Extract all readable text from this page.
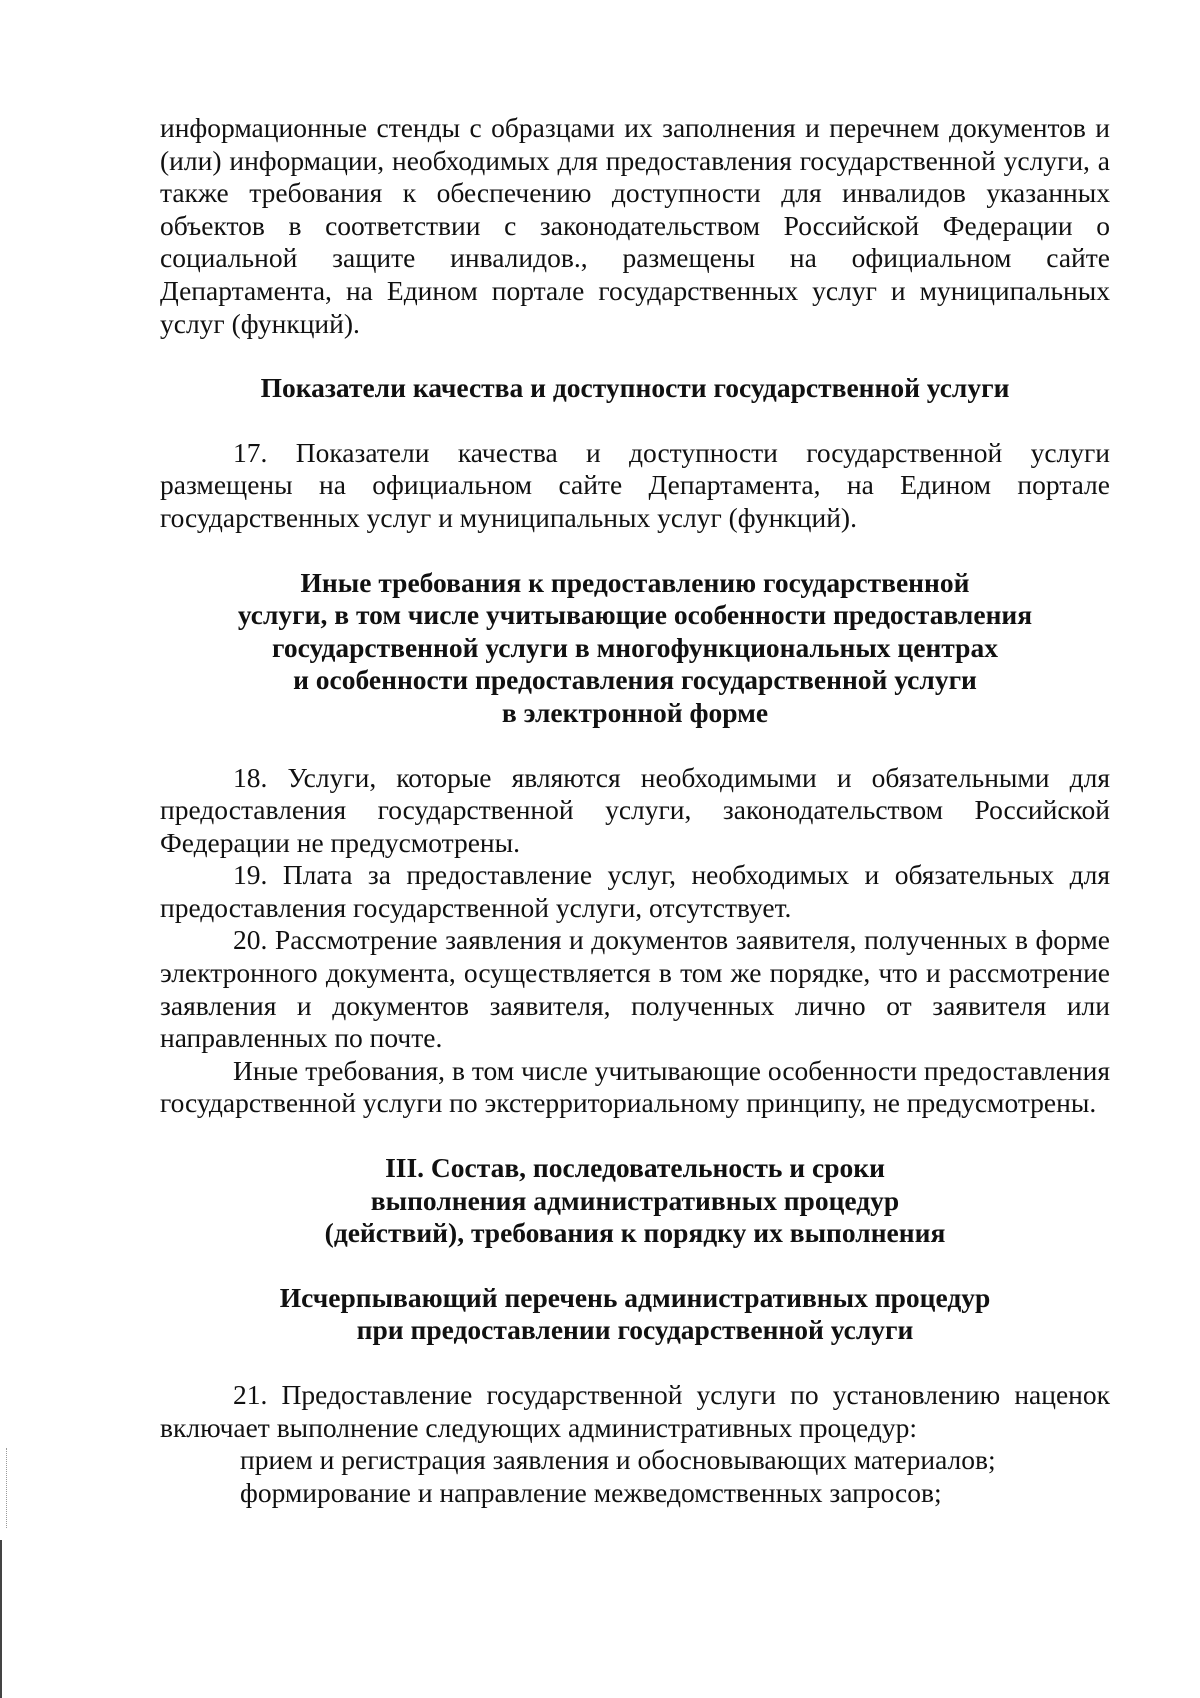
информационные стенды с образцами их заполнения и перечнем документов и (или) информации, необходимых для предоставления государственной услуги, а также требования к обеспечению доступности для инвалидов указанных объектов в соответствии с законодательством Российской Федерации о социальной защите инвалидов., размещены на официальном сайте Департамента, на Едином портале государственных услуг и муниципальных услуг (функций).

Показатели качества и доступности государственной услуги

17. Показатели качества и доступности государственной услуги размещены на официальном сайте Департамента, на Едином портале государственных услуг и муниципальных услуг (функций).

Иные требования к предоставлению государственной
услуги, в том числе учитывающие особенности предоставления
государственной услуги в многофункциональных центрах
и особенности предоставления государственной услуги
в электронной форме

18. Услуги, которые являются необходимыми и обязательными для предоставления государственной услуги, законодательством Российской Федерации не предусмотрены.

19. Плата за предоставление услуг, необходимых и обязательных для предоставления государственной услуги, отсутствует.

20. Рассмотрение заявления и документов заявителя, полученных в форме электронного документа, осуществляется в том же порядке, что и рассмотрение заявления и документов заявителя, полученных лично от заявителя или направленных по почте.

Иные требования, в том числе учитывающие особенности предоставления государственной услуги по экстерриториальному принципу, не предусмотрены.

III. Состав, последовательность и сроки
выполнения административных процедур
(действий), требования к порядку их выполнения
Исчерпывающий перечень административных процедур
при предоставлении государственной услуги

21. Предоставление государственной услуги по установлению наценок включает выполнение следующих административных процедур:

прием и регистрация заявления и обосновывающих материалов;

формирование и направление межведомственных запросов;
